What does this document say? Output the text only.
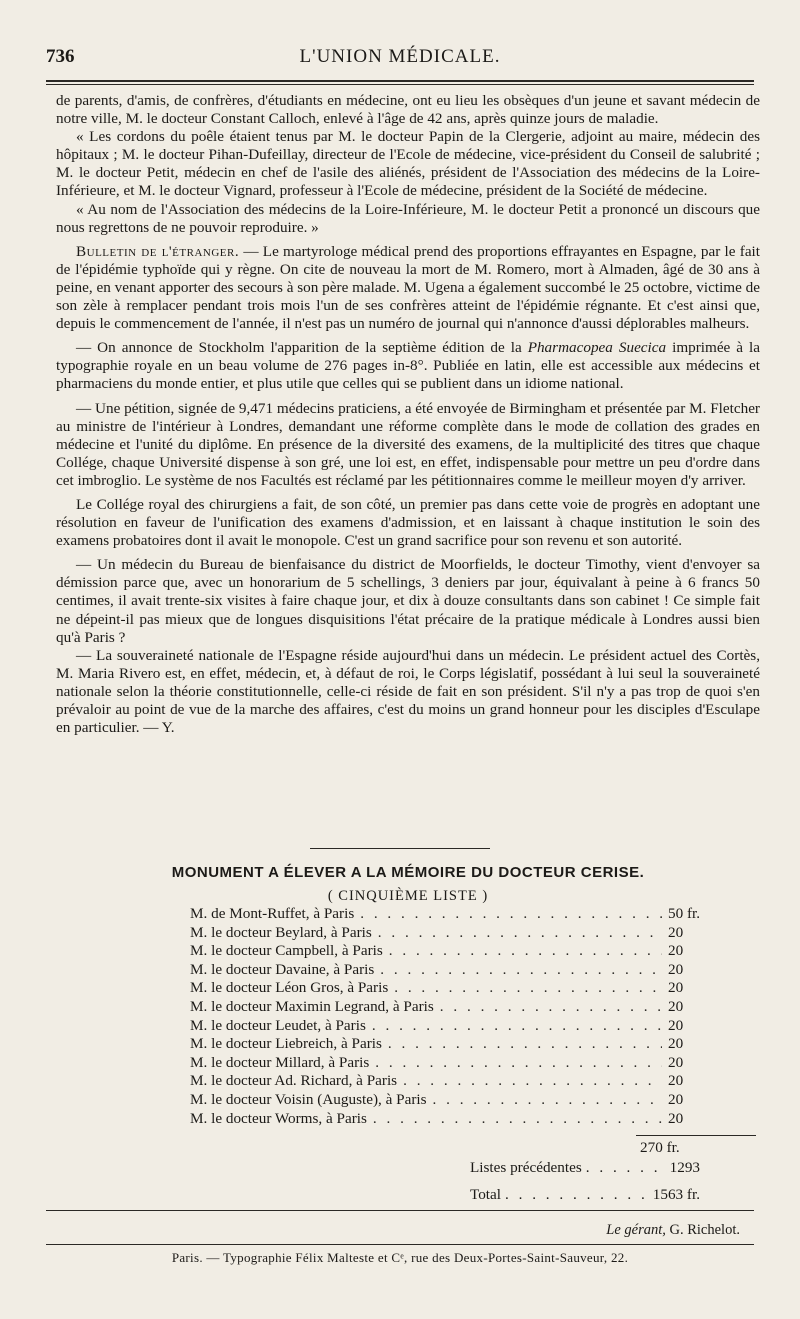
736	L'UNION MÉDICALE.

de parents, d'amis, de confrères, d'étudiants en médecine, ont eu lieu les obsèques d'un jeune et savant médecin de notre ville, M. le docteur Constant Calloch, enlevé à l'âge de 42 ans, après quinze jours de maladie.

« Les cordons du poêle étaient tenus par M. le docteur Papin de la Clergerie, adjoint au maire, médecin des hôpitaux ; M. le docteur Pihan-Dufeillay, directeur de l'Ecole de médecine, vice-président du Conseil de salubrité ; M. le docteur Petit, médecin en chef de l'asile des aliénés, président de l'Association des médecins de la Loire-Inférieure, et M. le docteur Vignard, professeur à l'Ecole de médecine, président de la Société de médecine.

« Au nom de l'Association des médecins de la Loire-Inférieure, M. le docteur Petit a prononcé un discours que nous regrettons de ne pouvoir reproduire. »

Bulletin de l'étranger. — Le martyrologe médical prend des proportions effrayantes en Espagne, par le fait de l'épidémie typhoïde qui y règne. On cite de nouveau la mort de M. Romero, mort à Almaden, âgé de 30 ans à peine, en venant apporter des secours à son père malade. M. Ugena a également succombé le 25 octobre, victime de son zèle à remplacer pendant trois mois l'un de ses confrères atteint de l'épidémie régnante. Et c'est ainsi que, depuis le commencement de l'année, il n'est pas un numéro de journal qui n'annonce d'aussi déplorables malheurs.

— On annonce de Stockholm l'apparition de la septième édition de la Pharmacopea Suecica imprimée à la typographie royale en un beau volume de 276 pages in-8°. Publiée en latin, elle est accessible aux médecins et pharmaciens du monde entier, et plus utile que celles qui se publient dans un idiome national.

— Une pétition, signée de 9,471 médecins praticiens, a été envoyée de Birmingham et présentée par M. Fletcher au ministre de l'intérieur à Londres, demandant une réforme complète dans le mode de collation des grades en médecine et l'unité du diplôme. En présence de la diversité des examens, de la multiplicité des titres que chaque Collége, chaque Université dispense à son gré, une loi est, en effet, indispensable pour mettre un peu d'ordre dans cet imbroglio. Le système de nos Facultés est réclamé par les pétitionnaires comme le meilleur moyen d'y arriver.

Le Collége royal des chirurgiens a fait, de son côté, un premier pas dans cette voie de progrès en adoptant une résolution en faveur de l'unification des examens d'admission, et en laissant à chaque institution le soin des examens probatoires dont il avait le monopole. C'est un grand sacrifice pour son revenu et son autorité.

— Un médecin du Bureau de bienfaisance du district de Moorfields, le docteur Timothy, vient d'envoyer sa démission parce que, avec un honorarium de 5 schellings, 3 deniers par jour, équivalant à peine à 6 francs 50 centimes, il avait trente-six visites à faire chaque jour, et dix à douze consultants dans son cabinet ! Ce simple fait ne dépeint-il pas mieux que de longues disquisitions l'état précaire de la pratique médicale à Londres aussi bien qu'à Paris ?

— La souveraineté nationale de l'Espagne réside aujourd'hui dans un médecin. Le président actuel des Cortès, M. Maria Rivero est, en effet, médecin, et, à défaut de roi, le Corps législatif, possédant à lui seul la souveraineté nationale selon la théorie constitutionnelle, celle-ci réside de fait en son président. S'il n'y a pas trop de quoi s'en prévaloir au point de vue de la marche des affaires, c'est du moins un grand honneur pour les disciples d'Esculape en particulier. — Y.

MONUMENT A ÉLEVER A LA MÉMOIRE DU DOCTEUR CERISE.
( CINQUIÈME LISTE )
M. de Mont-Ruffet, à Paris . . .	50 fr.
M. le docteur Beylard, à Paris . . .	20
M. le docteur Campbell, à Paris . . .	20
M. le docteur Davaine, à Paris . . .	20
M. le docteur Léon Gros, à Paris . . .	20
M. le docteur Maximin Legrand, à Paris . . .	20
M. le docteur Leudet, à Paris . . .	20
M. le docteur Liebreich, à Paris . . .	20
M. le docteur Millard, à Paris . . .	20
M. le docteur Ad. Richard, à Paris . . .	20
M. le docteur Voisin (Auguste), à Paris . . .	20
M. le docteur Worms, à Paris . . .	20
270 fr.
Listes précédentes . . .	1293
Total . . .	1563 fr.
Le gérant, G. Richelot.
Paris. — Typographie Félix Malteste et Cᵉ, rue des Deux-Portes-Saint-Sauveur, 22.
